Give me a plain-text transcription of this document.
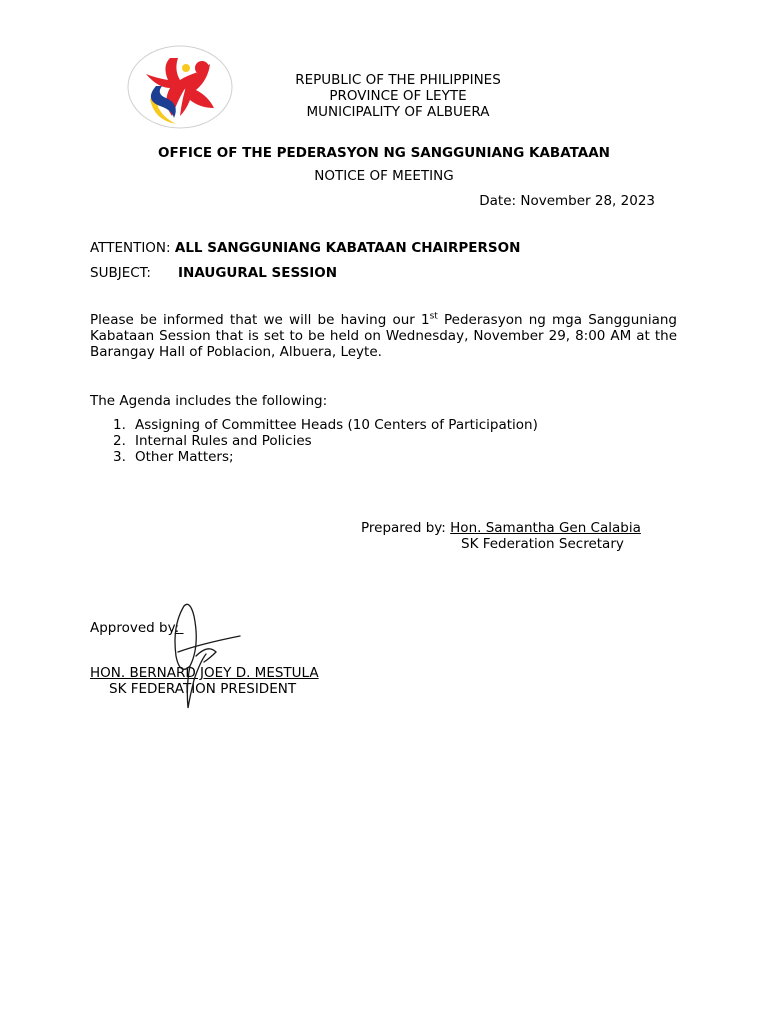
REPUBLIC OF THE PHILIPPINES
PROVINCE OF LEYTE
MUNICIPALITY OF ALBUERA
OFFICE OF THE PEDERASYON NG SANGGUNIANG KABATAAN
NOTICE OF MEETING
Date: November 28, 2023
ATTENTION: ALL SANGGUNIANG KABATAAN CHAIRPERSON
SUBJECT: INAUGURAL SESSION
Please be informed that we will be having our 1st Pederasyon ng mga Sangguniang Kabataan Session that is set to be held on Wednesday, November 29, 8:00 AM at the Barangay Hall of Poblacion, Albuera, Leyte.
The Agenda includes the following:
1. Assigning of Committee Heads (10 Centers of Participation)
2. Internal Rules and Policies
3. Other Matters;
Prepared by: Hon. Samantha Gen Calabia
SK Federation Secretary
Approved by:
HON. BERNARD JOEY D. MESTULA
SK FEDERATION PRESIDENT
